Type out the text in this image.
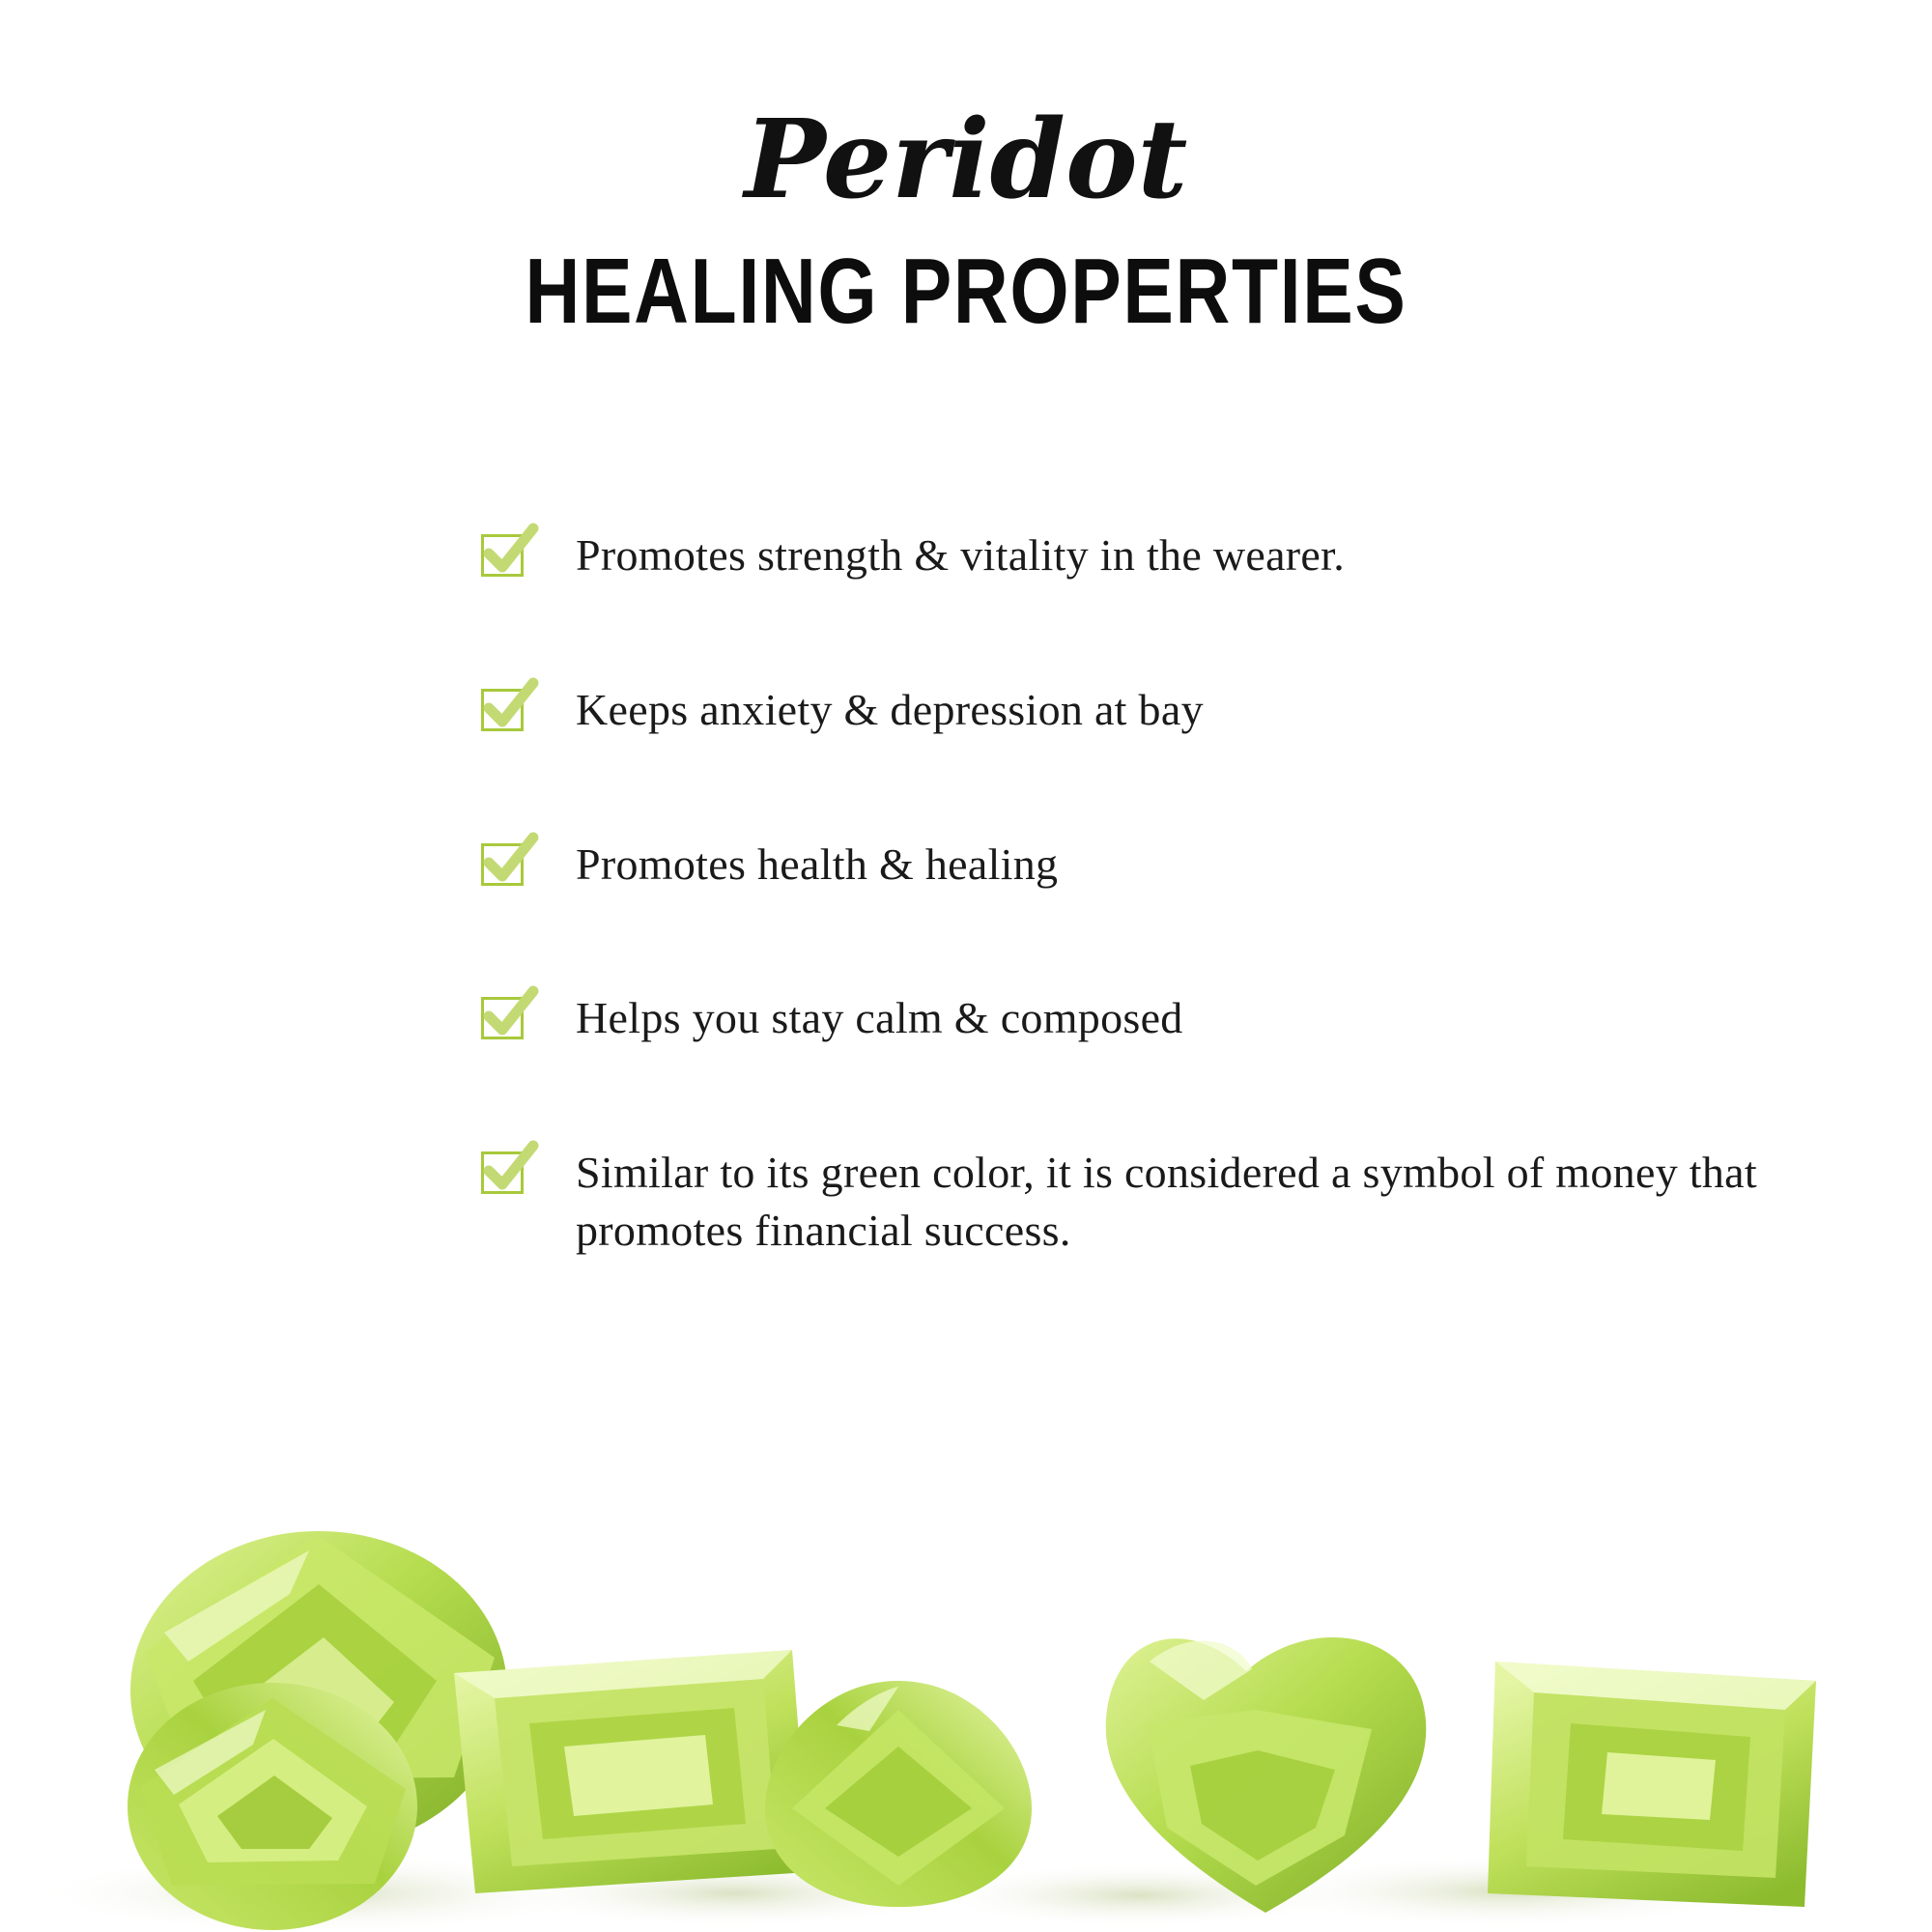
Peridot
HEALING PROPERTIES
Promotes strength & vitality in the wearer.
Keeps anxiety & depression at bay
Promotes health & healing
Helps you stay calm & composed
Similar to its green color, it is considered a symbol of money that promotes financial success.
